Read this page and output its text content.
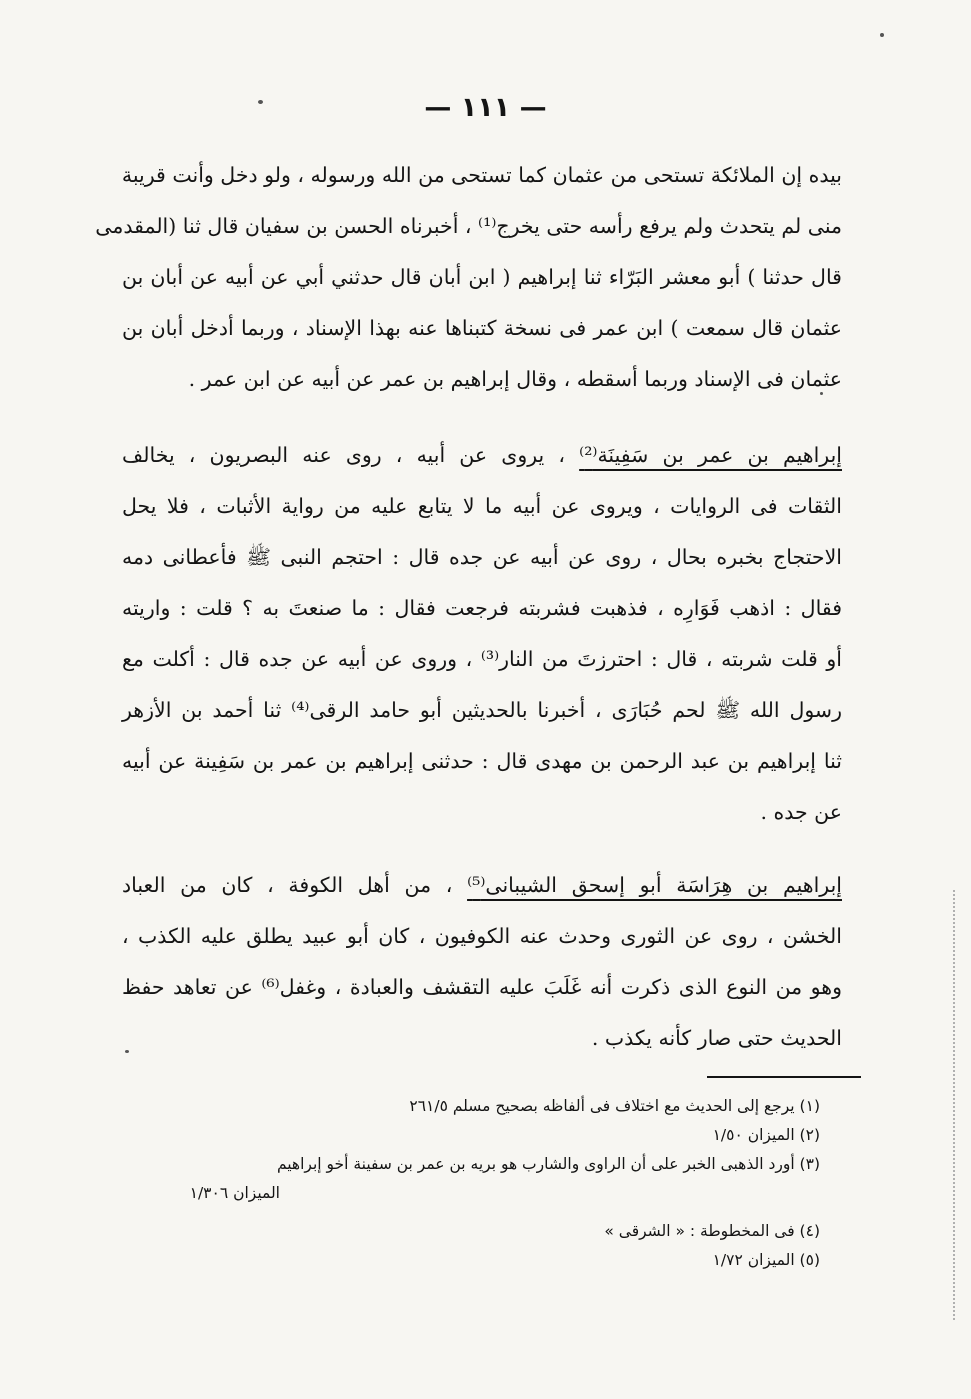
— ١١١ —
بيده إن الملائكة تستحى من عثمان كما تستحى من الله ورسوله ، ولو دخل وأنت قريبة
منى لم يتحدث ولم يرفع رأسه حتى يخرج⁽¹⁾ ، أخبرناه الحسن بن سفيان قال ثنا (المقدمى
قال حدثنا ) أبو معشر البَرّاء ثنا إبراهيم ( ابن أبان قال حدثني أبي عن أبيه عن أبان بن
عثمان قال سمعت ) ابن عمر فى نسخة كتبناها عنه بهذا الإسناد ، وربما أدخل أبان بن
عثمان فى الإسناد وربما أسقطه ، وقال إبراهيم بن عمر عن أبيه عن ابن عمر .
إبراهيم بن عمر بن سَفِينَة⁽²⁾ ، يروى عن أبيه ، روى عنه البصريون ، يخالف
الثقات فى الروايات ، ويروى عن أبيه ما لا يتابع عليه من رواية الأثبات ، فلا يحل
الاحتجاج بخبره بحال ، روى عن أبيه عن جده قال : احتجم النبى ﷺ فأعطانى دمه
فقال : اذهب فَوَارِه ، فذهبت فشربته فرجعت فقال : ما صنعتَ به ؟ قلت : واريته
أو قلت شربته ، قال : احترزتَ من النار⁽³⁾ ، وروى عن أبيه عن جده قال : أكلت مع
رسول الله ﷺ لحم حُبَارَى ، أخبرنا بالحديثين أبو حامد الرقى⁽⁴⁾ ثنا أحمد بن الأزهر
ثنا إبراهيم بن عبد الرحمن بن مهدى قال : حدثنى إبراهيم بن عمر بن سَفِينة عن أبيه
عن جده .
إبراهيم بن هِرَاسَة أبو إسحق الشيبانى⁽⁵⁾ ، من أهل الكوفة ، كان من العباد
الخشن ، روى عن الثورى وحدث عنه الكوفيون ، كان أبو عبيد يطلق عليه الكذب ،
وهو من النوع الذى ذكرت أنه غَلَبَ عليه التقشف والعبادة ، وغفل⁽⁶⁾ عن تعاهد حفظ
الحديث حتى صار كأنه يكذب .
(١) يرجع إلى الحديث مع اختلاف فى ألفاظه بصحيح مسلم ٢٦١/٥
(٢) الميزان ١/٥٠
(٣) أورد الذهبى الخبر على أن الراوى والشارب هو بريه بن عمر بن سفينة أخو إبراهيم
الميزان ١/٣٠٦
(٤) فى المخطوطة : « الشرقى »
(٥) الميزان ١/٧٢
